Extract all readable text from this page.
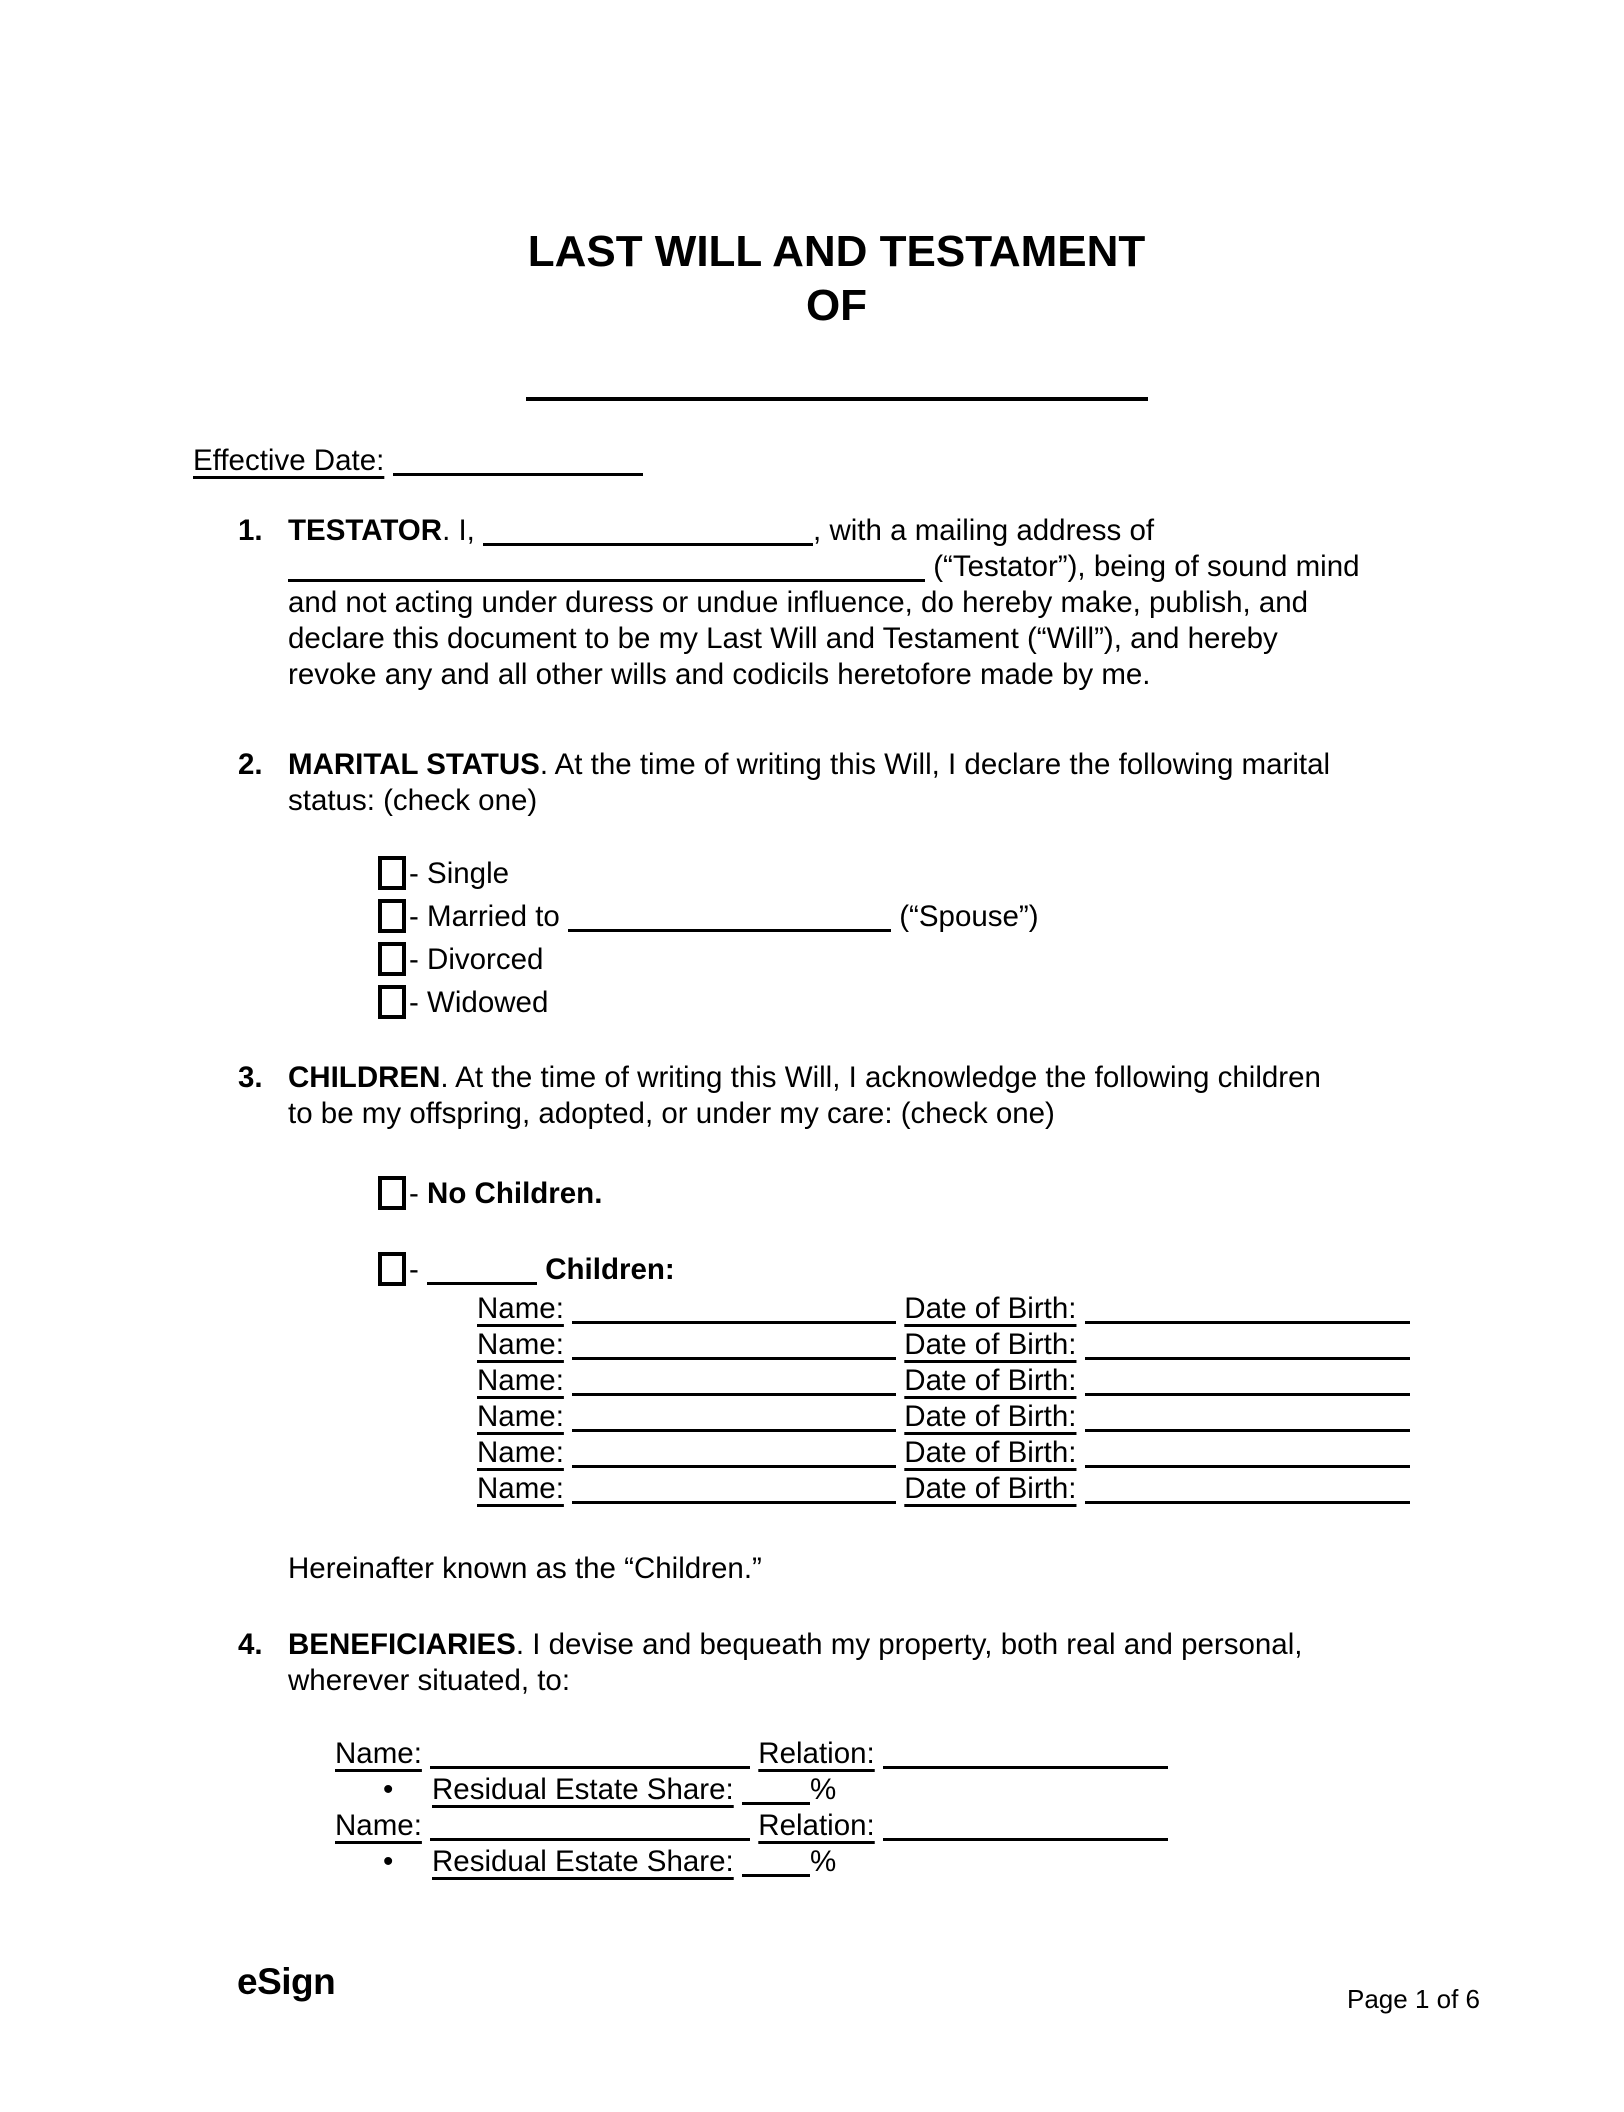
LAST WILL AND TESTAMENT
OF
Effective Date:
1. TESTATOR. I,	, with a mailing address of
(“Testator”), being of sound mind
and not acting under duress or undue influence, do hereby make, publish, and
declare this document to be my Last Will and Testament (“Will”), and hereby
revoke any and all other wills and codicils heretofore made by me.
2. MARITAL STATUS. At the time of writing this Will, I declare the following marital
status: (check one)
- Single
- Married to	(“Spouse”)
- Divorced
- Widowed
3. CHILDREN. At the time of writing this Will, I acknowledge the following children
to be my offspring, adopted, or under my care: (check one)
- No Children.
-	Children:
Name:	Date of Birth:
Name:	Date of Birth:
Name:	Date of Birth:
Name:	Date of Birth:
Name:	Date of Birth:
Name:	Date of Birth:
Hereinafter known as the “Children.”
4. BENEFICIARIES. I devise and bequeath my property, both real and personal,
wherever situated, to:
Name:	Relation:
• Residual Estate Share:	%
Name:	Relation:
• Residual Estate Share:	%
eSign	Page 1 of 6
